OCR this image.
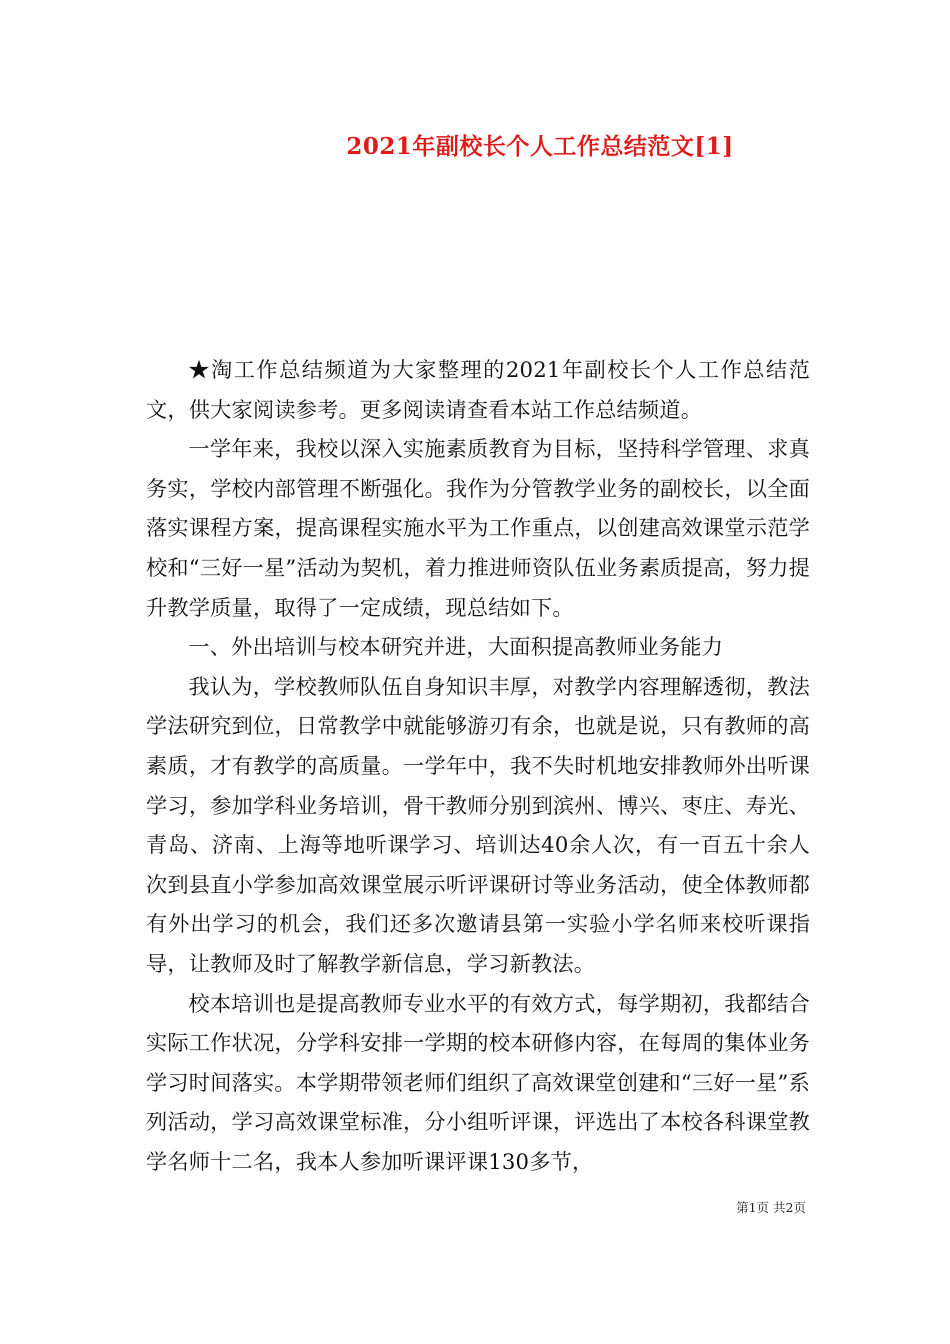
2021年副校长个人工作总结范文[1]

★淘工作总结频道为大家整理的2021年副校长个人工作总结范文，供大家阅读参考。更多阅读请查看本站工作总结频道。

一学年来，我校以深入实施素质教育为目标，坚持科学管理、求真务实，学校内部管理不断强化。我作为分管教学业务的副校长，以全面落实课程方案，提高课程实施水平为工作重点，以创建高效课堂示范学校和“三好一星”活动为契机，着力推进师资队伍业务素质提高，努力提升教学质量，取得了一定成绩，现总结如下。

一、外出培训与校本研究并进，大面积提高教师业务能力

我认为，学校教师队伍自身知识丰厚，对教学内容理解透彻，教法学法研究到位，日常教学中就能够游刃有余，也就是说，只有教师的高素质，才有教学的高质量。一学年中，我不失时机地安排教师外出听课学习，参加学科业务培训，骨干教师分别到滨州、博兴、枣庄、寿光、青岛、济南、上海等地听课学习、培训达40余人次，有一百五十余人次到县直小学参加高效课堂展示听评课研讨等业务活动，使全体教师都有外出学习的机会，我们还多次邀请县第一实验小学名师来校听课指导，让教师及时了解教学新信息，学习新教法。

校本培训也是提高教师专业水平的有效方式，每学期初，我都结合实际工作状况，分学科安排一学期的校本研修内容，在每周的集体业务学习时间落实。本学期带领老师们组织了高效课堂创建和“三好一星”系列活动，学习高效课堂标准，分小组听评课，评选出了本校各科课堂教学名师十二名，我本人参加听课评课130多节，

第1页 共2页
